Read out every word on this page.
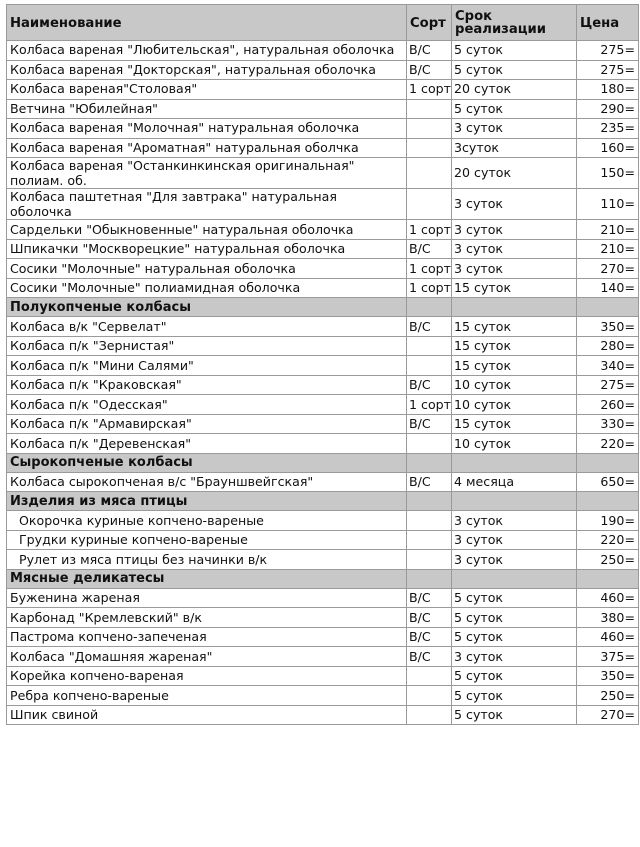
Наименование	Сорт	Срок реализации	Цена
Колбаса вареная "Любительская", натуральная оболочка	В/С	5 суток	275=
Колбаса вареная "Докторская", натуральная оболочка	В/С	5 суток	275=
Колбаса вареная"Столовая"	1 сорт	20 суток	180=
Ветчина "Юбилейная"		5 суток	290=
Колбаса вареная "Молочная" натуральная оболочка		3 суток	235=
Колбаса вареная "Ароматная" натуральная оболчка		3суток	160=
Колбаса вареная "Останкинкинская оригинальная" полиам. об.		20 суток	150=
Колбаса паштетная "Для завтрака" натуральная оболочка		3 суток	110=
Сардельки "Обыкновенные" натуральная оболочка	1 сорт	3 суток	210=
Шпикачки "Москворецкие" натуральная оболочка	В/С	3 суток	210=
Сосики "Молочные" натуральная оболочка	1 сорт	3 суток	270=
Сосики "Молочные" полиамидная оболочка	1 сорт	15 суток	140=
Полукопченые колбасы			
Колбаса в/к "Сервелат"	В/С	15 суток	350=
Колбаса п/к "Зернистая"		15 суток	280=
Колбаса п/к "Мини Салями"		15 суток	340=
Колбаса п/к "Краковская"	В/С	10 суток	275=
Колбаса п/к "Одесская"	1 сорт	10 суток	260=
Колбаса п/к "Армавирская"	В/С	15 суток	330=
Колбаса п/к "Деревенская"		10 суток	220=
Сырокопченые колбасы			
Колбаса сырокопченая в/с "Брауншвейгская"	В/С	4 месяца	650=
Изделия из мяса птицы			
Окорочка куриные копчено-вареные		3 суток	190=
Грудки куриные копчено-вареные		3 суток	220=
Рулет из мяса птицы без начинки в/к		3 суток	250=
Мясные деликатесы			
Буженина жареная	В/С	5 суток	460=
Карбонад "Кремлевский" в/к	В/С	5 суток	380=
Пастрома копчено-запеченая	В/С	5 суток	460=
Колбаса "Домашняя жареная"	В/С	3 суток	375=
Корейка копчено-вареная		5 суток	350=
Ребра копчено-вареные		5 суток	250=
Шпик свиной		5 суток	270=
